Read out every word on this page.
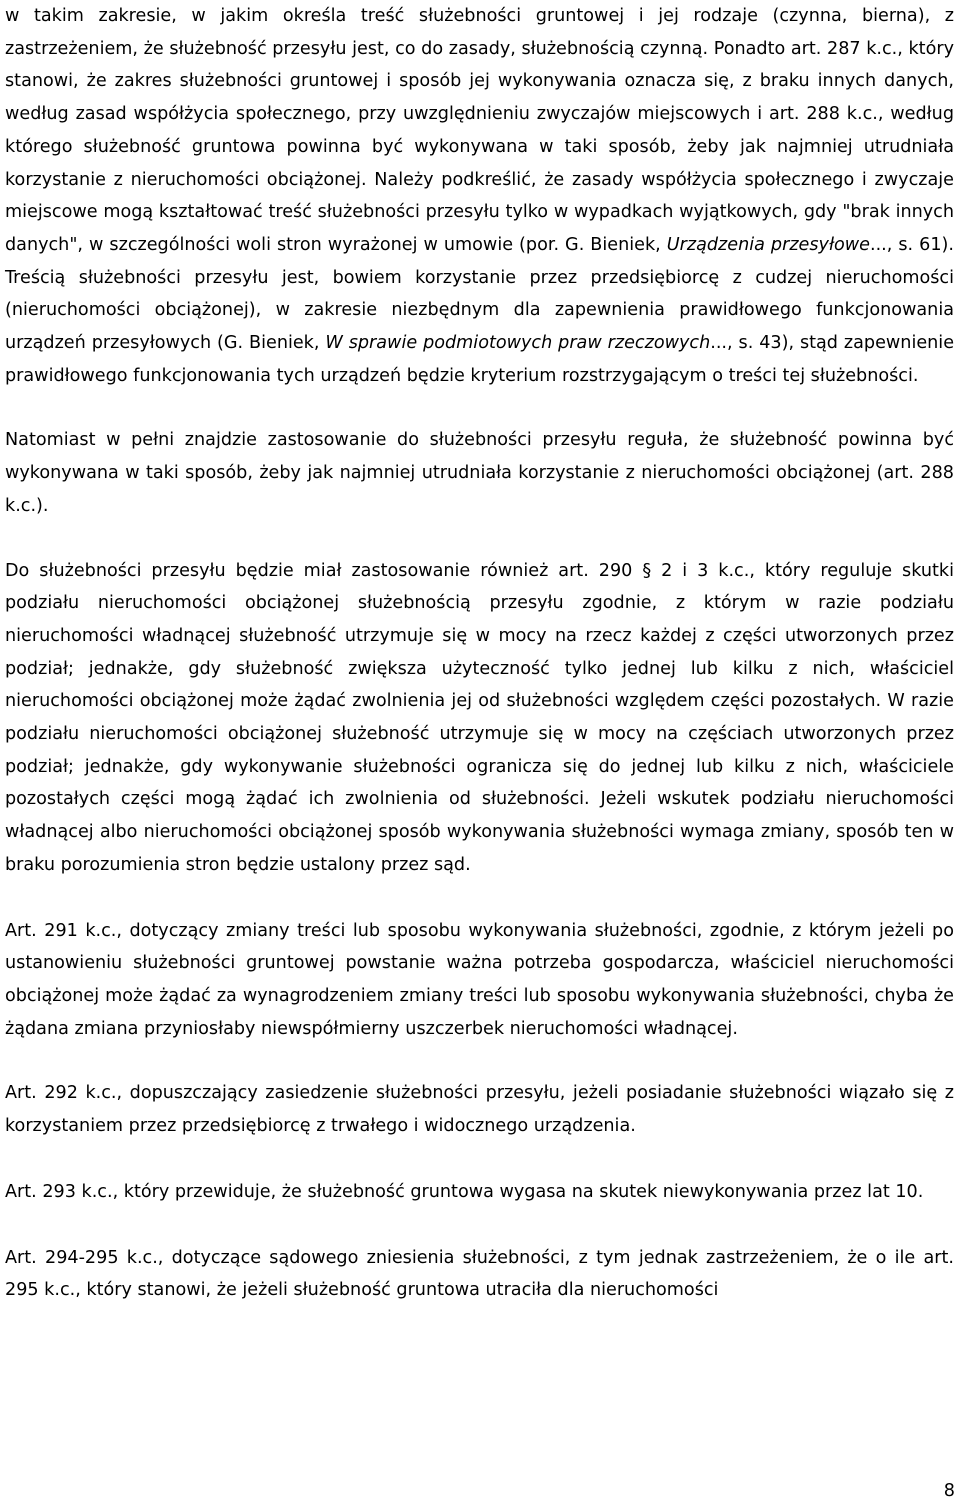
w takim zakresie, w jakim określa treść służebności gruntowej i jej rodzaje (czynna, bierna), z zastrzeżeniem, że służebność przesyłu jest, co do zasady, służebnością czynną. Ponadto art. 287 k.c., który stanowi, że zakres służebności gruntowej i sposób jej wykonywania oznacza się, z braku innych danych, według zasad współżycia społecznego, przy uwzględnieniu zwyczajów miejscowych i art. 288 k.c., według którego służebność gruntowa powinna być wykonywana w taki sposób, żeby jak najmniej utrudniała korzystanie z nieruchomości obciążonej. Należy podkreślić, że zasady współżycia społecznego i zwyczaje miejscowe mogą kształtować treść służebności przesyłu tylko w wypadkach wyjątkowych, gdy "brak innych danych", w szczególności woli stron wyrażonej w umowie (por. G. Bieniek, Urządzenia przesyłowe..., s. 61). Treścią służebności przesyłu jest, bowiem korzystanie przez przedsiębiorcę z cudzej nieruchomości (nieruchomości obciążonej), w zakresie niezbędnym dla zapewnienia prawidłowego funkcjonowania urządzeń przesyłowych (G. Bieniek, W sprawie podmiotowych praw rzeczowych..., s. 43), stąd zapewnienie prawidłowego funkcjonowania tych urządzeń będzie kryterium rozstrzygającym o treści tej służebności.

Natomiast w pełni znajdzie zastosowanie do służebności przesyłu reguła, że służebność powinna być wykonywana w taki sposób, żeby jak najmniej utrudniała korzystanie z nieruchomości obciążonej (art. 288 k.c.).

Do służebności przesyłu będzie miał zastosowanie również art. 290 § 2 i 3 k.c., który reguluje skutki podziału nieruchomości obciążonej służebnością przesyłu zgodnie, z którym w razie podziału nieruchomości władnącej służebność utrzymuje się w mocy na rzecz każdej z części utworzonych przez podział; jednakże, gdy służebność zwiększa użyteczność tylko jednej lub kilku z nich, właściciel nieruchomości obciążonej może żądać zwolnienia jej od służebności względem części pozostałych. W razie podziału nieruchomości obciążonej służebność utrzymuje się w mocy na częściach utworzonych przez podział; jednakże, gdy wykonywanie służebności ogranicza się do jednej lub kilku z nich, właściciele pozostałych części mogą żądać ich zwolnienia od służebności. Jeżeli wskutek podziału nieruchomości władnącej albo nieruchomości obciążonej sposób wykonywania służebności wymaga zmiany, sposób ten w braku porozumienia stron będzie ustalony przez sąd.

Art. 291 k.c., dotyczący zmiany treści lub sposobu wykonywania służebności, zgodnie, z którym jeżeli po ustanowieniu służebności gruntowej powstanie ważna potrzeba gospodarcza, właściciel nieruchomości obciążonej może żądać za wynagrodzeniem zmiany treści lub sposobu wykonywania służebności, chyba że żądana zmiana przyniosłaby niewspółmierny uszczerbek nieruchomości władnącej.

Art. 292 k.c., dopuszczający zasiedzenie służebności przesyłu, jeżeli posiadanie służebności wiązało się z korzystaniem przez przedsiębiorcę z trwałego i widocznego urządzenia.

Art. 293 k.c., który przewiduje, że służebność gruntowa wygasa na skutek niewykonywania przez lat 10.

Art. 294-295 k.c., dotyczące sądowego zniesienia służebności, z tym jednak zastrzeżeniem, że o ile art. 295 k.c., który stanowi, że jeżeli służebność gruntowa utraciła dla nieruchomości

8
